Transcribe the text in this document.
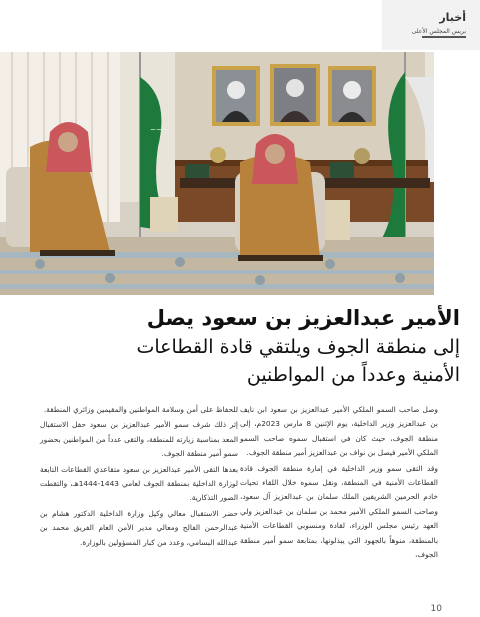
أخبار
بريس المجلس الأعلى
~~~
الأمير عبدالعزيز بن سعود يصل
إلى منطقة الجوف ويلتقي قادة القطاعات
الأمنية وعدداً من المواطنين

وصل صاحب السمو الملكي الأمير عبدالعزيز بن سعود ابن نايف بن عبدالعزيز وزير الداخلية، يوم الإثنين 8 مارس 2023م، إلى منطقة الجوف، حيث كان في استقبال سموه صاحب السمو الملكي الأمير فيصل بن نواف بن عبدالعزيز أمير منطقة الجوف.

وقد التقى سمو وزير الداخلية في إمارة منطقة الجوف قادة القطاعات الأمنية في المنطقة، ونقل سموه خلال اللقاء تحيات خادم الحرمين الشريفين الملك سلمان بن عبدالعزيز آل سعود، وصاحب السمو الملكي الأمير محمد بن سلمان بن عبدالعزيز ولي العهد رئيس مجلس الوزراء، لقادة ومنسوبي القطاعات الأمنية بالمنطقة، منوهاً بالجهود التي يبذلونها، بمتابعة سمو أمير منطقة الجوف،

للحفاظ على أمن وسلامة المواطنين والمقيمين وزائري المنطقة.

إثر ذلك شرف سمو الأمير عبدالعزيز بن سعود حفل الاستقبال المعد بمناسبة زيارته للمنطقة، والتقى عدداً من المواطنين بحضور سمو أمير منطقة الجوف.

بعدها التقى الأمير عبدالعزيز بن سعود متقاعدي القطاعات التابعة لوزارة الداخلية بمنطقة الجوف لعامي 1443-1444هـ، والتقطت الصور التذكارية.

حضر الاستقبال معالي وكيل وزارة الداخلية الدكتور هشام بن عبدالرحمن الفالح ومعالي مدير الأمن العام الفريق محمد بن عبدالله البسامي، وعدد من كبار المسؤولين بالوزارة.

10
